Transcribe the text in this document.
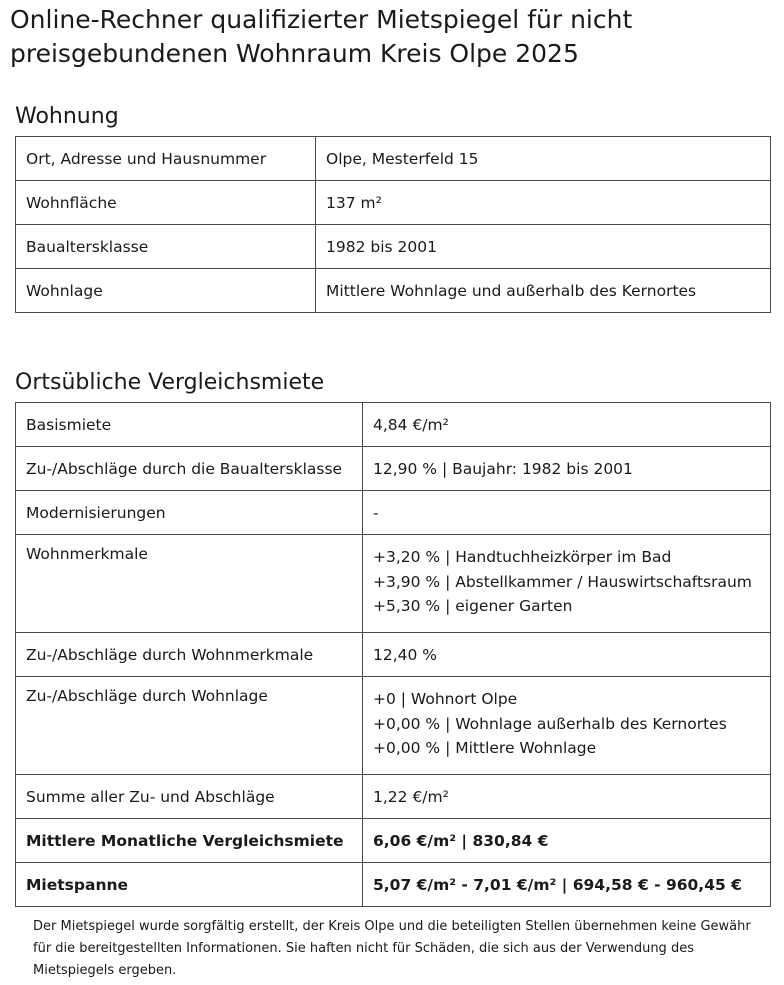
Online-Rechner qualifizierter Mietspiegel für nicht preisgebundenen Wohnraum Kreis Olpe 2025
Wohnung
Ort, Adresse und Hausnummer	Olpe, Mesterfeld 15
Wohnfläche	137 m²
Baualtersklasse	1982 bis 2001
Wohnlage	Mittlere Wohnlage und außerhalb des Kernortes
Ortsübliche Vergleichsmiete
Basismiete	4,84 €/m²
Zu-/Abschläge durch die Baualtersklasse	12,90 % | Baujahr: 1982 bis 2001
Modernisierungen	-
Wohnmerkmale	+3,20 % | Handtuchheizkörper im Bad
+3,90 % | Abstellkammer / Hauswirtschaftsraum
+5,30 % | eigener Garten

Zu-/Abschläge durch Wohnmerkmale	12,40 %
Zu-/Abschläge durch Wohnlage	+0 | Wohnort Olpe
+0,00 % | Wohnlage außerhalb des Kernortes
+0,00 % | Mittlere Wohnlage

Summe aller Zu- und Abschläge	1,22 €/m²
Mittlere Monatliche Vergleichsmiete	6,06 €/m² | 830,84 €
Mietspanne	5,07 €/m² - 7,01 €/m² | 694,58 € - 960,45 €

Der Mietspiegel wurde sorgfältig erstellt, der Kreis Olpe und die beteiligten Stellen übernehmen keine Gewähr für die bereitgestellten Informationen. Sie haften nicht für Schäden, die sich aus der Verwendung des Mietspiegels ergeben.
